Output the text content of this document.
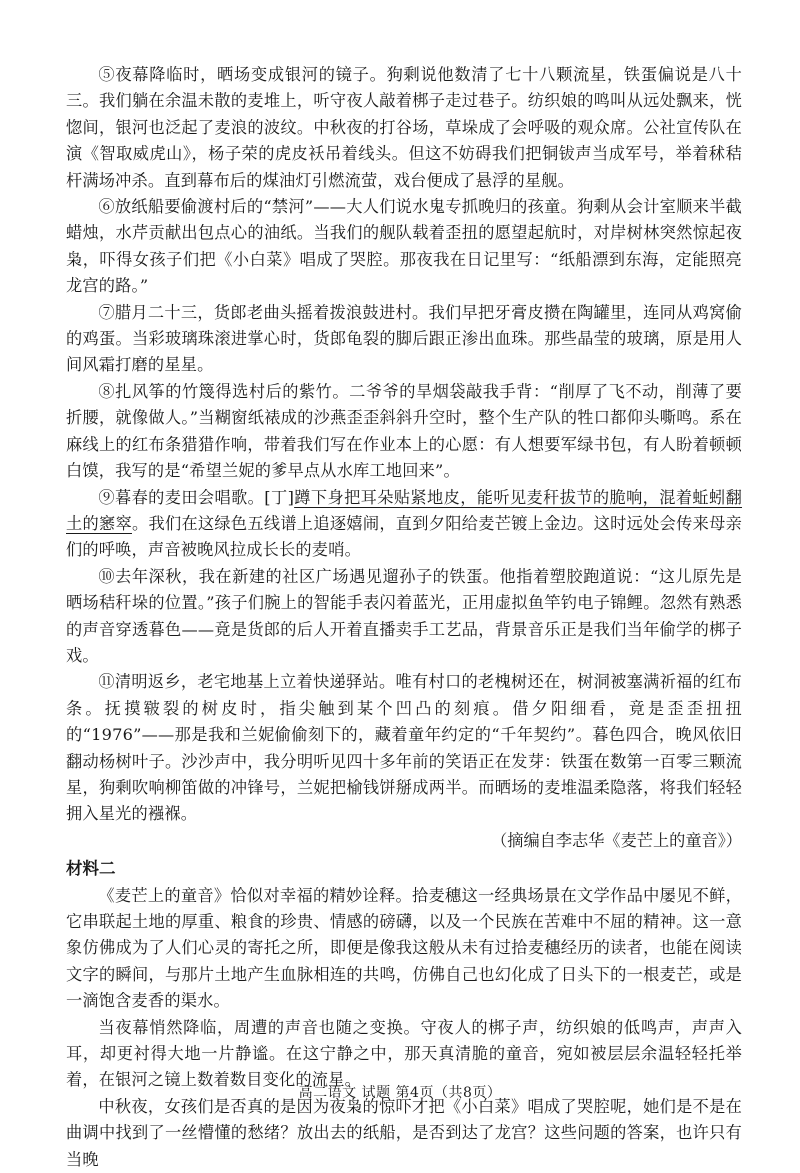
⑤夜幕降临时，晒场变成银河的镜子。狗剩说他数清了七十八颗流星，铁蛋偏说是八十三。我们躺在余温未散的麦堆上，听守夜人敲着梆子走过巷子。纺织娘的鸣叫从远处飘来，恍惚间，银河也泛起了麦浪的波纹。中秋夜的打谷场，草垛成了会呼吸的观众席。公社宣传队在演《智取威虎山》，杨子荣的虎皮袄吊着线头。但这不妨碍我们把铜钹声当成军号，举着秫秸杆满场冲杀。直到幕布后的煤油灯引燃流萤，戏台便成了悬浮的星舰。

⑥放纸船要偷渡村后的“禁河”——大人们说水鬼专抓晚归的孩童。狗剩从会计室顺来半截蜡烛，水芹贡献出包点心的油纸。当我们的舰队载着歪扭的愿望起航时，对岸树林突然惊起夜枭，吓得女孩子们把《小白菜》唱成了哭腔。那夜我在日记里写：“纸船漂到东海，定能照亮龙宫的路。”

⑦腊月二十三，货郎老曲头摇着拨浪鼓进村。我们早把牙膏皮攒在陶罐里，连同从鸡窝偷的鸡蛋。当彩玻璃珠滚进掌心时，货郎龟裂的脚后跟正渗出血珠。那些晶莹的玻璃，原是用人间风霜打磨的星星。

⑧扎风筝的竹篾得选村后的紫竹。二爷爷的旱烟袋敲我手背：“削厚了飞不动，削薄了要折腰，就像做人。”当糊窗纸裱成的沙燕歪歪斜斜升空时，整个生产队的牲口都仰头嘶鸣。系在麻线上的红布条猎猎作响，带着我们写在作业本上的心愿：有人想要军绿书包，有人盼着顿顿白馍，我写的是“希望兰妮的爹早点从水库工地回来”。

⑨暮春的麦田会唱歌。[丁]蹲下身把耳朵贴紧地皮，能听见麦秆拔节的脆响，混着蚯蚓翻土的窸窣。我们在这绿色五线谱上追逐嬉闹，直到夕阳给麦芒镀上金边。这时远处会传来母亲们的呼唤，声音被晚风拉成长长的麦哨。

⑩去年深秋，我在新建的社区广场遇见遛孙子的铁蛋。他指着塑胶跑道说：“这儿原先是晒场秸秆垛的位置。”孩子们腕上的智能手表闪着蓝光，正用虚拟鱼竿钓电子锦鲤。忽然有熟悉的声音穿透暮色——竟是货郎的后人开着直播卖手工艺品，背景音乐正是我们当年偷学的梆子戏。

⑪清明返乡，老宅地基上立着快递驿站。唯有村口的老槐树还在，树洞被塞满祈福的红布条。抚摸皲裂的树皮时，指尖触到某个凹凸的刻痕。借夕阳细看，竟是歪歪扭扭的“1976”——那是我和兰妮偷偷刻下的，藏着童年约定的“千年契约”。暮色四合，晚风依旧翻动杨树叶子。沙沙声中，我分明听见四十多年前的笑语正在发芽：铁蛋在数第一百零三颗流星，狗剩吹响柳笛做的冲锋号，兰妮把榆钱饼掰成两半。而晒场的麦堆温柔隐落，将我们轻轻拥入星光的襁褓。

（摘编自李志华《麦芒上的童音》）

材料二

《麦芒上的童音》恰似对幸福的精妙诠释。拾麦穗这一经典场景在文学作品中屡见不鲜，它串联起土地的厚重、粮食的珍贵、情感的磅礴，以及一个民族在苦难中不屈的精神。这一意象仿佛成为了人们心灵的寄托之所，即便是像我这般从未有过拾麦穗经历的读者，也能在阅读文字的瞬间，与那片土地产生血脉相连的共鸣，仿佛自己也幻化成了日头下的一根麦芒，或是一滴饱含麦香的渠水。

当夜幕悄然降临，周遭的声音也随之变换。守夜人的梆子声，纺织娘的低鸣声，声声入耳，却更衬得大地一片静谧。在这宁静之中，那天真清脆的童音，宛如被层层余温轻轻托举着，在银河之镜上数着数目变化的流星。

中秋夜，女孩们是否真的是因为夜枭的惊吓才把《小白菜》唱成了哭腔呢，她们是不是在曲调中找到了一丝懵懂的愁绪？放出去的纸船，是否到达了龙宫？这些问题的答案，也许只有当晚

高二语文 试题 第4页（共8页）
